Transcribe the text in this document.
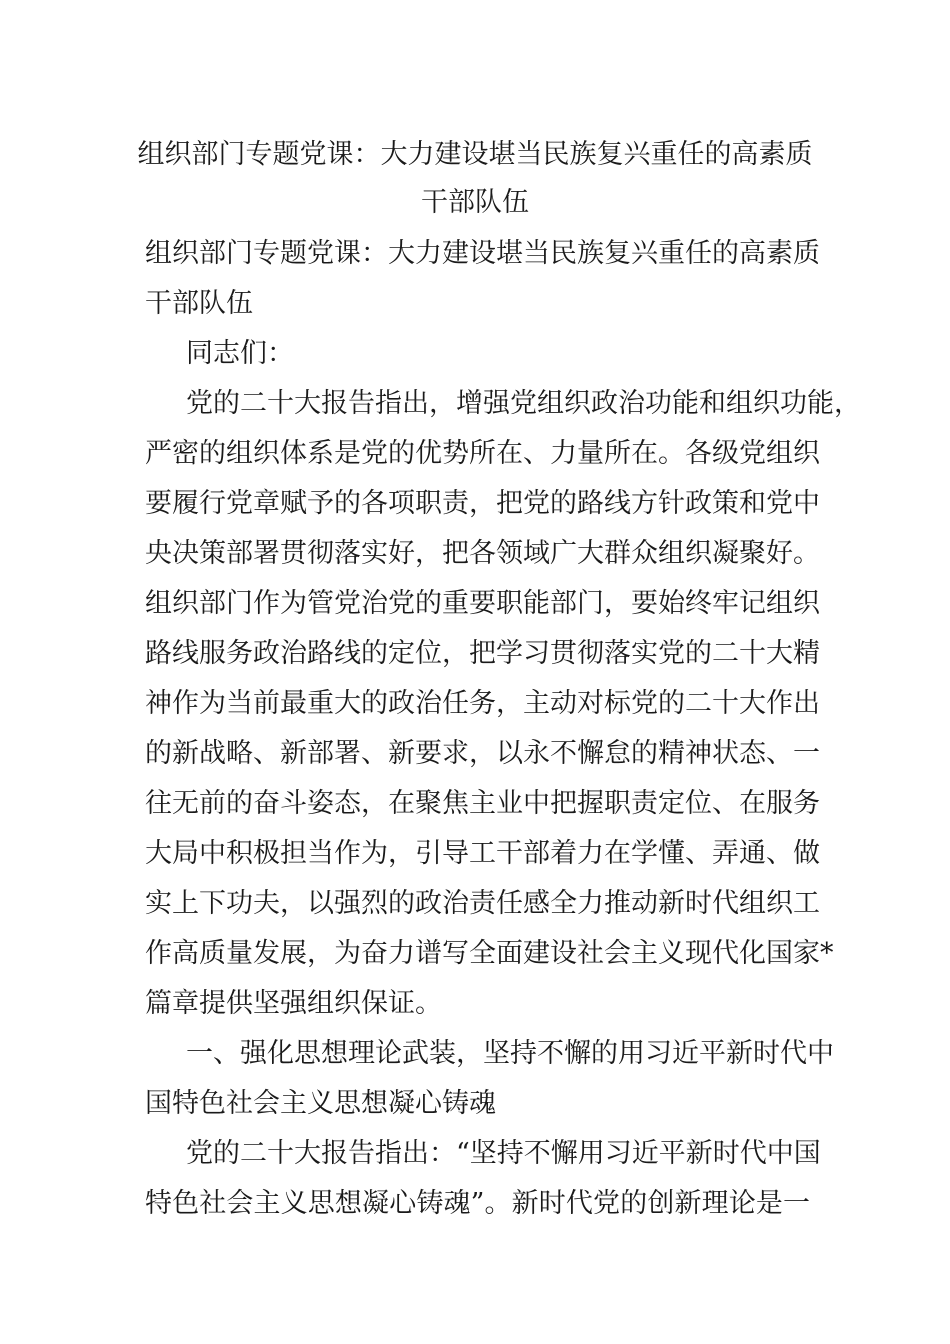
组织部门专题党课：大力建设堪当民族复兴重任的高素质
干部队伍
组织部门专题党课：大力建设堪当民族复兴重任的高素质
干部队伍
同志们：
党的二十大报告指出，增强党组织政治功能和组织功能，
严密的组织体系是党的优势所在、力量所在。各级党组织
要履行党章赋予的各项职责，把党的路线方针政策和党中
央决策部署贯彻落实好，把各领域广大群众组织凝聚好。
组织部门作为管党治党的重要职能部门，要始终牢记组织
路线服务政治路线的定位，把学习贯彻落实党的二十大精
神作为当前最重大的政治任务，主动对标党的二十大作出
的新战略、新部署、新要求，以永不懈怠的精神状态、一
往无前的奋斗姿态，在聚焦主业中把握职责定位、在服务
大局中积极担当作为，引导工干部着力在学懂、弄通、做
实上下功夫，以强烈的政治责任感全力推动新时代组织工
作高质量发展，为奋力谱写全面建设社会主义现代化国家*
篇章提供坚强组织保证。
一、强化思想理论武装，坚持不懈的用习近平新时代中
国特色社会主义思想凝心铸魂
党的二十大报告指出：“坚持不懈用习近平新时代中国
特色社会主义思想凝心铸魂”。新时代党的创新理论是一
